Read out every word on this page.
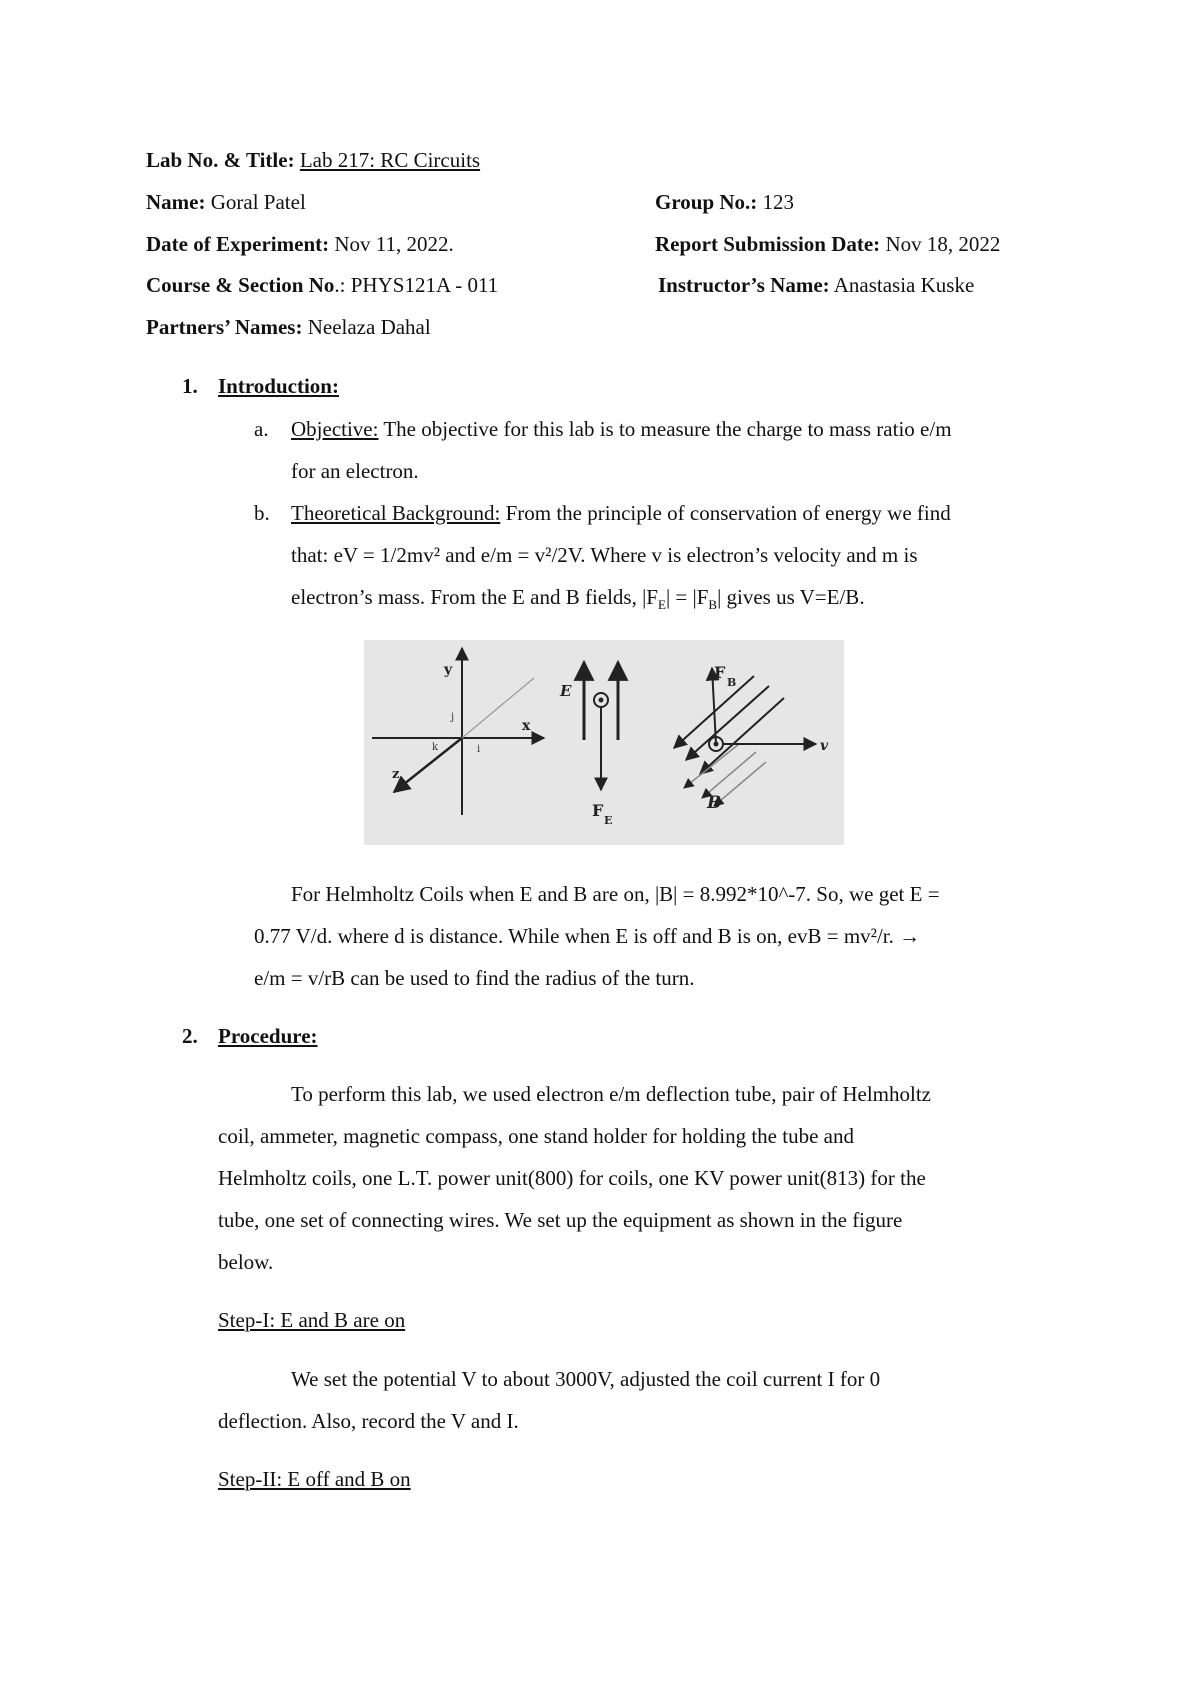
Lab No. & Title: Lab 217: RC Circuits
Name: Goral Patel	Group No.: 123
Date of Experiment: Nov 11, 2022.	Report Submission Date: Nov 18, 2022
Course & Section No.: PHYS121A - 011	Instructor’s Name: Anastasia Kuske
Partners’ Names: Neelaza Dahal
1. Introduction:
a. Objective: The objective for this lab is to measure the charge to mass ratio e/m
for an electron.
b. Theoretical Background: From the principle of conservation of energy we find
that: eV = 1/2mv² and e/m = v²/2V. Where v is electron’s velocity and m is
electron’s mass. From the E and B fields, $|F_E| = |F_B|$ gives us V=E/B.
y
x
z
j
i
k
E
F
E
F
B
v
B
For Helmholtz Coils when E and B are on, |B| = 8.992*10^-7. So, we get E =
0.77 V/d. where d is distance. While when E is off and B is on, evB = mv²/r. →
e/m = v/rB can be used to find the radius of the turn.
2. Procedure:
To perform this lab, we used electron e/m deflection tube, pair of Helmholtz
coil, ammeter, magnetic compass, one stand holder for holding the tube and
Helmholtz coils, one L.T. power unit(800) for coils, one KV power unit(813) for the
tube, one set of connecting wires. We set up the equipment as shown in the figure
below.
Step-I: E and B are on
We set the potential V to about 3000V, adjusted the coil current I for 0
deflection. Also, record the V and I.
Step-II: E off and B on
